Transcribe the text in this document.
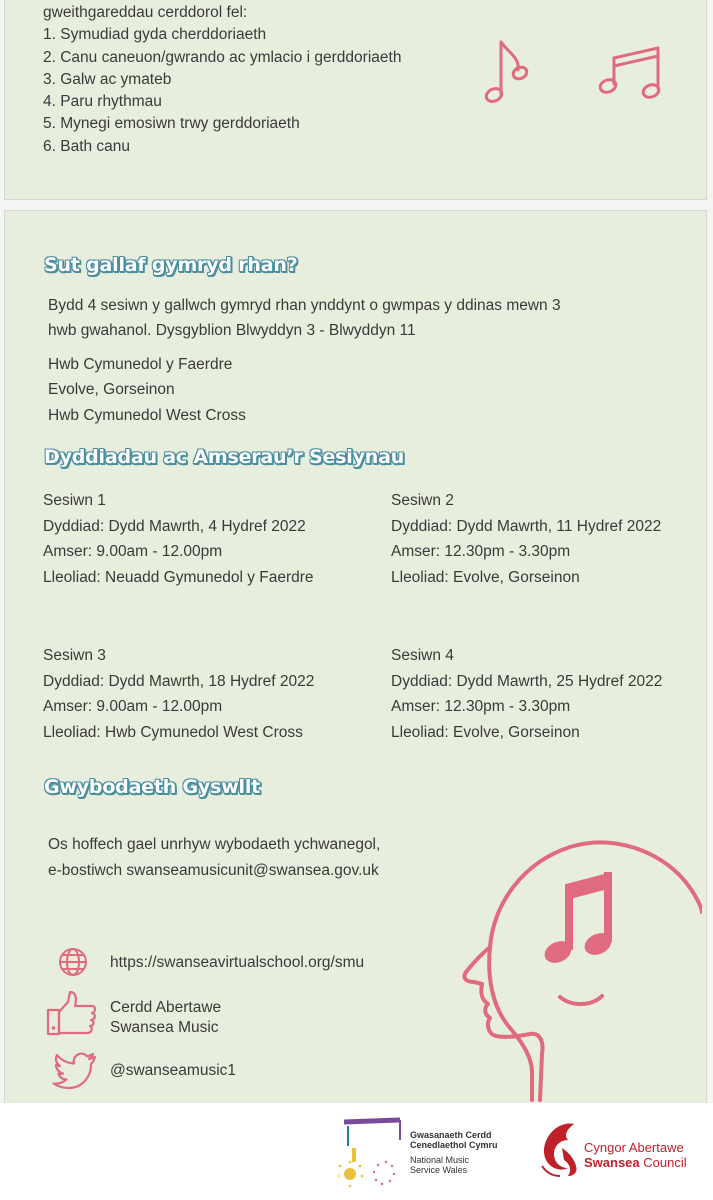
gweithgareddau cerddorol fel:
1. Symudiad gyda cherddoriaeth
2. Canu caneuon/gwrando ac ymlacio i gerddoriaeth
3. Galw ac ymateb
4. Paru rhythmau
5. Mynegi emosiwn trwy gerddoriaeth
6. Bath canu
Sut gallaf gymryd rhan?
Bydd 4 sesiwn y gallwch gymryd rhan ynddynt o gwmpas y ddinas mewn 3
hwb gwahanol. Dysgyblion Blwyddyn 3 - Blwyddyn 11
Hwb Cymunedol y Faerdre
Evolve, Gorseinon
Hwb Cymunedol West Cross
Dyddiadau ac Amserau’r Sesiynau
Sesiwn 1
Dyddiad: Dydd Mawrth, 4 Hydref 2022
Amser: 9.00am - 12.00pm
Lleoliad: Neuadd Gymunedol y Faerdre
Sesiwn 2
Dyddiad: Dydd Mawrth, 11 Hydref 2022
Amser: 12.30pm - 3.30pm
Lleoliad: Evolve, Gorseinon
Sesiwn 3
Dyddiad: Dydd Mawrth, 18 Hydref 2022
Amser: 9.00am - 12.00pm
Lleoliad: Hwb Cymunedol West Cross
Sesiwn 4
Dyddiad: Dydd Mawrth, 25 Hydref 2022
Amser: 12.30pm - 3.30pm
Lleoliad: Evolve, Gorseinon
Gwybodaeth Gyswllt
Os hoffech gael unrhyw wybodaeth ychwanegol,
e-bostiwch swanseamusicunit@swansea.gov.uk
https://swanseavirtualschool.org/smu
Cerdd Abertawe
Swansea Music
@swanseamusic1
Gwasanaeth Cerdd
Cenedlaethol Cymru
National Music
Service Wales
Cyngor Abertawe
Swansea Council
